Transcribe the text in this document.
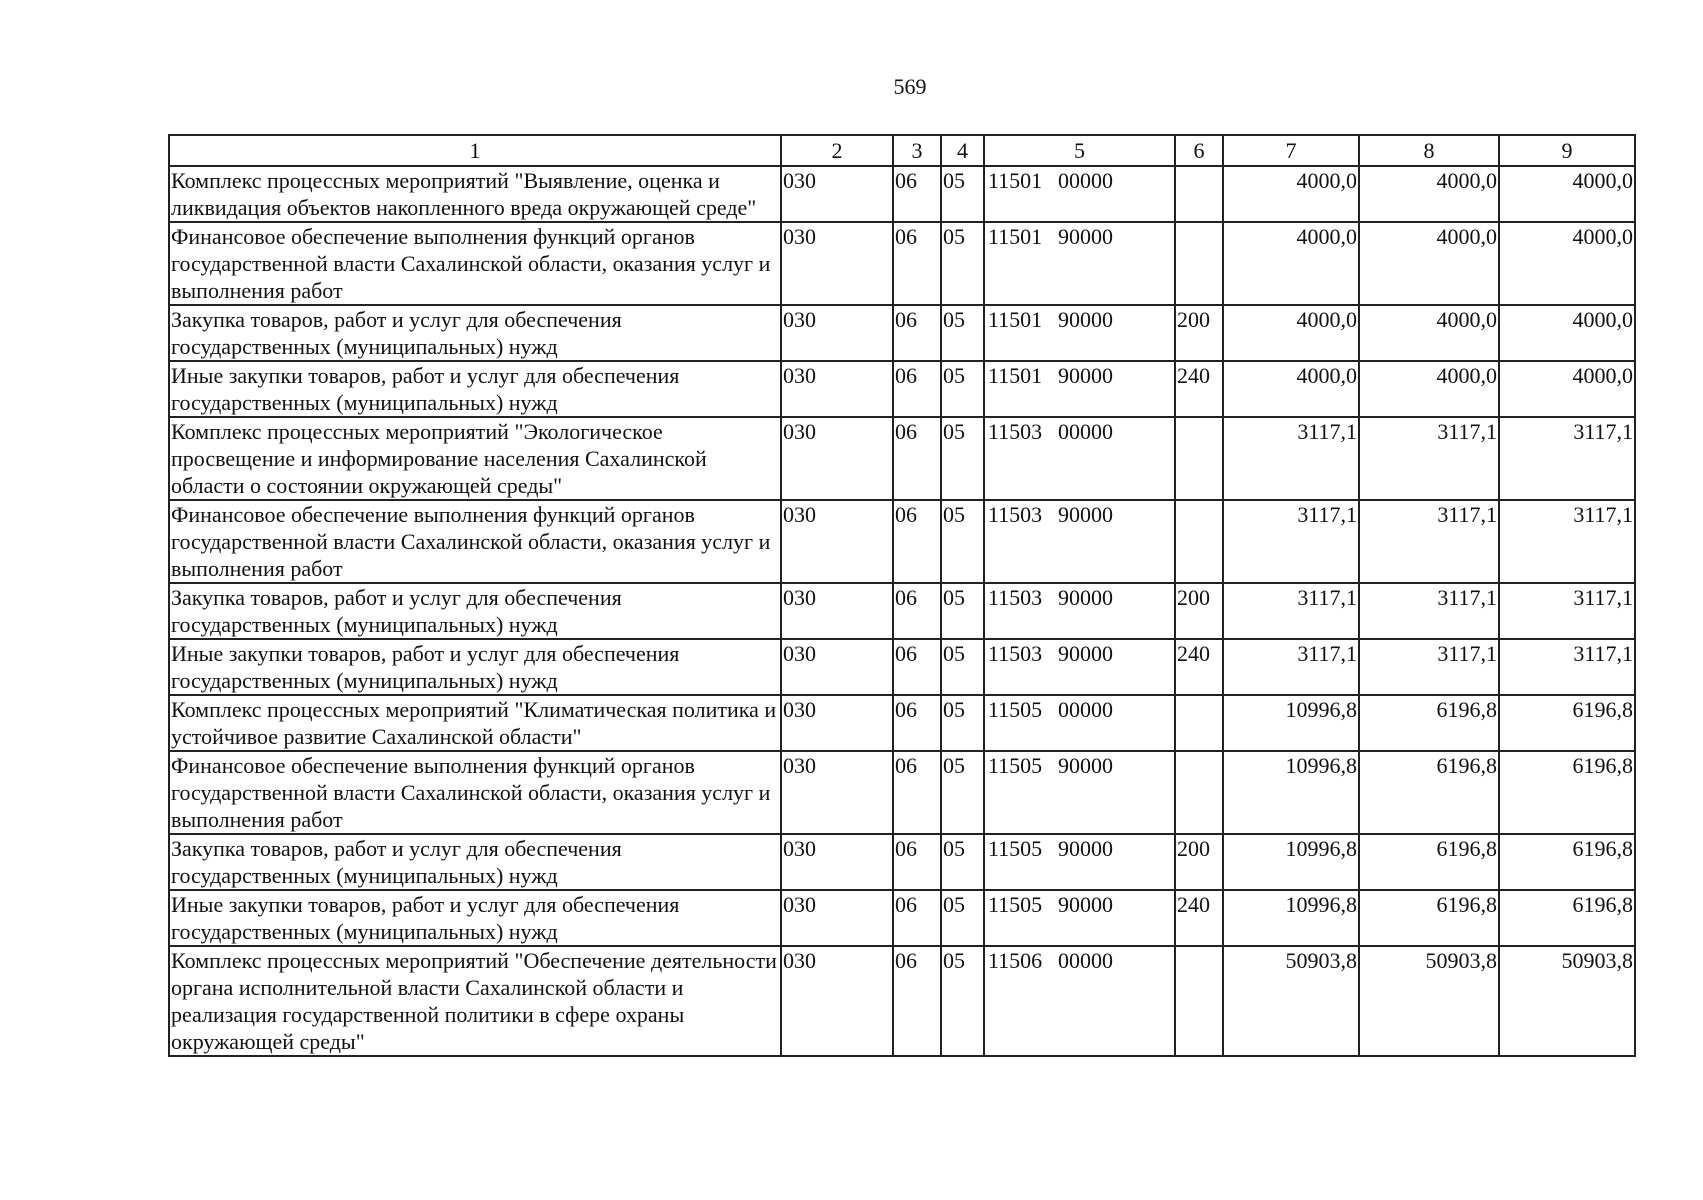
569
1	2	3	4	5	6	7	8	9
Комплекс процессных мероприятий "Выявление, оценка и ликвидация объектов накопленного вреда окружающей среде"	030	06	05	11501 00000		4000,0	4000,0	4000,0
Финансовое обеспечение выполнения функций органов государственной власти Сахалинской области, оказания услуг и выполнения работ	030	06	05	11501 90000		4000,0	4000,0	4000,0
Закупка товаров, работ и услуг для обеспечения государственных (муниципальных) нужд	030	06	05	11501 90000	200	4000,0	4000,0	4000,0
Иные закупки товаров, работ и услуг для обеспечения государственных (муниципальных) нужд	030	06	05	11501 90000	240	4000,0	4000,0	4000,0
Комплекс процессных мероприятий "Экологическое просвещение и информирование населения Сахалинской области о состоянии окружающей среды"	030	06	05	11503 00000		3117,1	3117,1	3117,1
Финансовое обеспечение выполнения функций органов государственной власти Сахалинской области, оказания услуг и выполнения работ	030	06	05	11503 90000		3117,1	3117,1	3117,1
Закупка товаров, работ и услуг для обеспечения государственных (муниципальных) нужд	030	06	05	11503 90000	200	3117,1	3117,1	3117,1
Иные закупки товаров, работ и услуг для обеспечения государственных (муниципальных) нужд	030	06	05	11503 90000	240	3117,1	3117,1	3117,1
Комплекс процессных мероприятий "Климатическая политика и устойчивое развитие Сахалинской области"	030	06	05	11505 00000		10996,8	6196,8	6196,8
Финансовое обеспечение выполнения функций органов государственной власти Сахалинской области, оказания услуг и выполнения работ	030	06	05	11505 90000		10996,8	6196,8	6196,8
Закупка товаров, работ и услуг для обеспечения государственных (муниципальных) нужд	030	06	05	11505 90000	200	10996,8	6196,8	6196,8
Иные закупки товаров, работ и услуг для обеспечения государственных (муниципальных) нужд	030	06	05	11505 90000	240	10996,8	6196,8	6196,8
Комплекс процессных мероприятий "Обеспечение деятельности органа исполнительной власти Сахалинской области и реализация государственной политики в сфере охраны окружающей среды"	030	06	05	11506 00000		50903,8	50903,8	50903,8
